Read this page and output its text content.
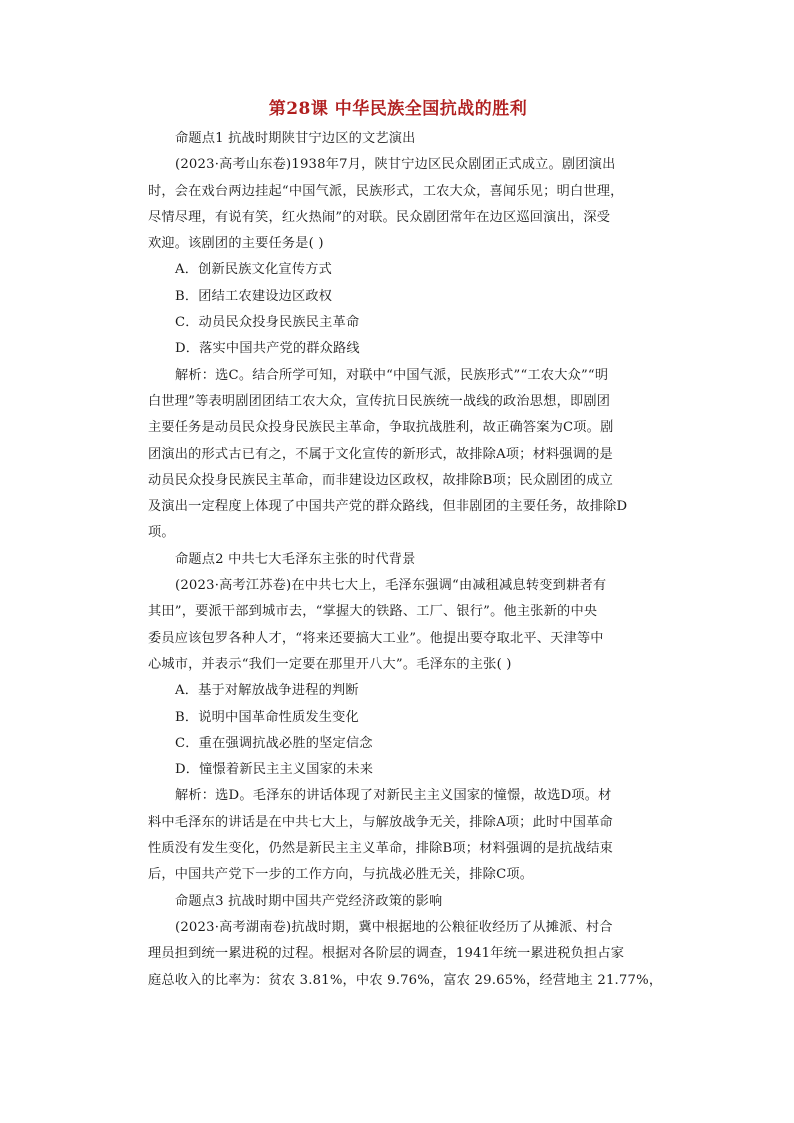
第28课 中华民族全国抗战的胜利
命题点1 抗战时期陕甘宁边区的文艺演出
(2023·高考山东卷)1938年7月，陕甘宁边区民众剧团正式成立。剧团演出
时，会在戏台两边挂起“中国气派，民族形式，工农大众，喜闻乐见；明白世理，
尽情尽理，有说有笑，红火热闹”的对联。民众剧团常年在边区巡回演出，深受
欢迎。该剧团的主要任务是( )
A．创新民族文化宣传方式
B．团结工农建设边区政权
C．动员民众投身民族民主革命
D．落实中国共产党的群众路线
解析：选C。结合所学可知，对联中“中国气派，民族形式”“工农大众”“明
白世理”等表明剧团团结工农大众，宣传抗日民族统一战线的政治思想，即剧团
主要任务是动员民众投身民族民主革命，争取抗战胜利，故正确答案为C项。剧
团演出的形式古已有之，不属于文化宣传的新形式，故排除A项；材料强调的是
动员民众投身民族民主革命，而非建设边区政权，故排除B项；民众剧团的成立
及演出一定程度上体现了中国共产党的群众路线，但非剧团的主要任务，故排除D
项。
命题点2 中共七大毛泽东主张的时代背景
(2023·高考江苏卷)在中共七大上，毛泽东强调“由减租减息转变到耕者有
其田”，要派干部到城市去，“掌握大的铁路、工厂、银行”。他主张新的中央
委员应该包罗各种人才，“将来还要搞大工业”。他提出要夺取北平、天津等中
心城市，并表示“我们一定要在那里开八大”。毛泽东的主张( )
A．基于对解放战争进程的判断
B．说明中国革命性质发生变化
C．重在强调抗战必胜的坚定信念
D．憧憬着新民主主义国家的未来
解析：选D。毛泽东的讲话体现了对新民主主义国家的憧憬，故选D项。材
料中毛泽东的讲话是在中共七大上，与解放战争无关，排除A项；此时中国革命
性质没有发生变化，仍然是新民主主义革命，排除B项；材料强调的是抗战结束
后，中国共产党下一步的工作方向，与抗战必胜无关，排除C项。
命题点3 抗战时期中国共产党经济政策的影响
(2023·高考湖南卷)抗战时期，冀中根据地的公粮征收经历了从摊派、村合
理员担到统一累进税的过程。根据对各阶层的调查，1941年统一累进税负担占家
庭总收入的比率为：贫农 3.81%，中农 9.76%，富农 29.65%，经营地主 21.77%，
